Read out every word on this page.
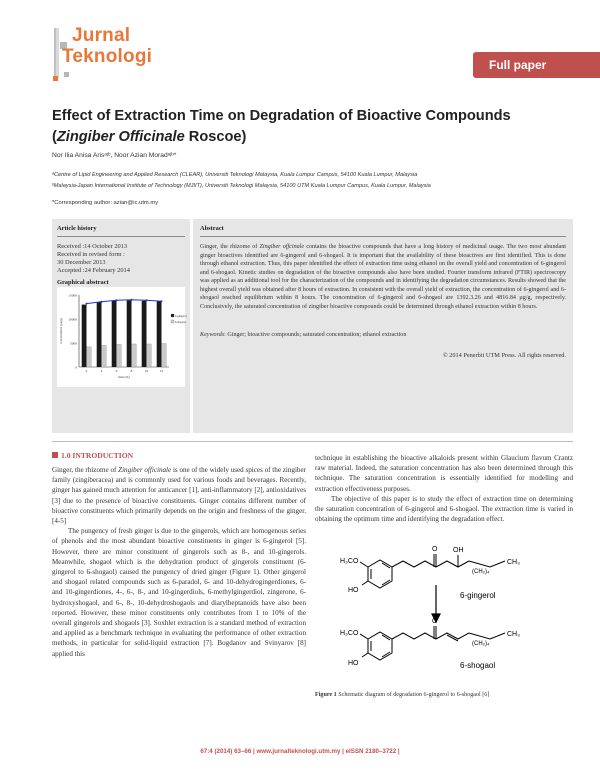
Jurnal
Teknologi	Full paper
Effect of Extraction Time on Degradation of Bioactive Compounds (Zingiber Officinale Roscoe)
Nor Ilia Anisa Arisᵃʲᵇ, Noor Azian Moradᵃʲᵇ*
ᵃCentre of Lipid Engineering and Applied Research (CLEAR), Universiti Teknologi Malaysia, Kuala Lumpur Campus, 54100 Kuala Lumpur, Malaysia
ᵇMalaysia-Japan International Institute of Technology (MJIIT), Universiti Teknologi Malaysia, 54100 UTM Kuala Lumpur Campus, Kuala Lumpur, Malaysia
*Corresponding author: azian@ic.utm.my
Article history

Received :14 October 2013

Received in revised form :

30 December 2013

Accepted :24 February 2014

Graphical abstract
0
5000
10000
15000
2	4	6	8	10	12
time (h)
concentration (µg/g)
6-gingerol
6-shogaol
Abstract
Ginger, the rhizome of Zingiber offcinale contains the bioactive compounds that have a long history of medicinal usage. The two most abundant ginger bioactives identified are 6-gingerol and 6-shogaol. It is important that the availability of these bioactives are first identified. This is done through ethanol extraction. Thus, this paper identified the effect of extraction time using ethanol on the overall yield and concentration of 6-gingerol and 6-shogaol. Kinetic studies on degradation of the bioactive compounds also have been studied. Fourier transform infrared (FTIR) spectroscopy was applied as an additional tool for the characterization of the compounds and in identifying the degradation circumstances. Results showed that the highest overall yield was obtained after 8 hours of extraction. In consistent with the overall yield of extraction, the concentration of 6-gingerol and 6-shogaol reached equilibrium within 8 hours. The concentration of 6-gingerol and 6-shogaol are 1392.3.26 and 4816.84 µg/g, respectively. Conclusively, the saturated concentration of zingiber bioactive compounds could be determined through ethanol extraction within 8 hours.
Keywords: Ginger; bioactive compounds; saturated concentration; ethanol extraction
© 2014 Penerbit UTM Press. All rights reserved.
1.0 INTRODUCTION

Ginger, the rhizome of Zingiber officinale is one of the widely used spices of the zingiber family (zingiberacea) and is commonly used for various foods and beverages. Recently, ginger has gained much attention for anticancer [1], anti-inflammatory [2], antioxidatives [3] due to the presence of bioactive constituents. Ginger contains different number of bioactive constituents which primarily depends on the origin and freshness of the ginger. [4-5]

The pungency of fresh ginger is due to the gingerols, which are homogenous series of phenols and the most abundant bioactive constituents in ginger is 6-gingerol [5]. However, there are minor constituent of gingerols such as 8-, and 10-gingerols. Meanwhile, shogaol which is the dehydration product of gingerols constituent (6-gingerol to 6-shogaol) caused the pungency of dried ginger (Figure 1). Other gingerol and shogaol related compounds such as 6-paradol, 6- and 10-dehydrogingerdiones, 6- and 10-gingerdiones, 4-, 6-, 8-, and 10-gingerdiols, 6-methylgingerdiol, zingerone, 6-hydroxyshogaol, and 6-, 8-, 10-dehydroshogaols and diarylheptanoids have also been reported. However, these minor constituents only contributes from 1 to 10% of the overall gingerols and shogaols [3]. Soxhlet extraction is a standard method of extraction and applied as a benchmark technique in evaluating the performance of other extraction methods, in particular for solid-liquid extraction [7]. Bogdanov and Svinyarov [8] applied this

technique in establishing the bioactive alkaloids present within Glaucium flavum Crantz raw material. Indeed, the saturation concentration has also been determined through this technique. The saturation concentration is essentially identified for modelling and extraction effectiveness purposes.

The objective of this paper is to study the effect of extraction time on determining the saturation concentration of 6-gingerol and 6-shogaol. The extraction time is varied in obtaining the optimum time and identifying the degradation effect.

H₃CO
HO
O OH
(CH₂)₄
CH₃
6-gingerol
H₃CO
HO
O
(CH₂)₄
CH₃
6-shogaol
Figure 1 Schematic diagram of degradation 6-gingerol to 6-shogaol [6]
67:4 (2014) 63–66 | www.jurnalteknologi.utm.my | eISSN 2180–3722 |
